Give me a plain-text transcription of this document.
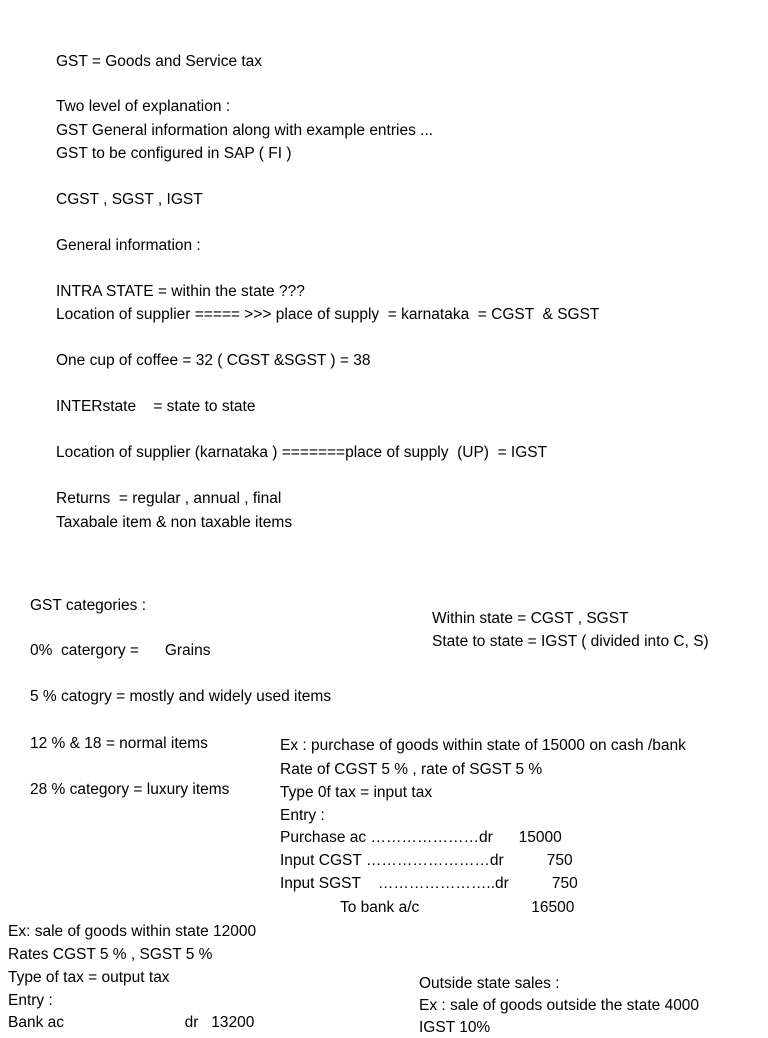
GST = Goods and Service tax
Two level of explanation :
GST General information along with example entries ...
GST to be configured in SAP ( FI )
CGST , SGST , IGST
General information :
INTRA STATE = within the state ???
Location of supplier ===== >>> place of supply  = karnataka  = CGST  & SGST
One cup of coffee = 32 ( CGST &SGST ) = 38
INTERstate    = state to state
Location of supplier (karnataka ) =======place of supply  (UP)  = IGST
Returns  = regular , annual , final
Taxabale item & non taxable items
GST categories :
Within state = CGST , SGST
State to state = IGST ( divided into C, S)
0%  catergory =      Grains
5 % catogry = mostly and widely used items
12 % & 18 = normal items	Ex : purchase of goods within state of 15000 on cash /bank
Rate of CGST 5 % , rate of SGST 5 %
28 % category = luxury items	Type 0f tax = input tax
Entry :
Purchase ac …………………dr      15000
Input CGST ……………………dr          750
Input SGST    …………………..dr          750
To bank a/c                          16500
Ex: sale of goods within state 12000
Rates CGST 5 % , SGST 5 %
Type of tax = output tax	Outside state sales :
Entry :	Ex : sale of goods outside the state 4000
Bank ac                            dr   13200	IGST 10%
